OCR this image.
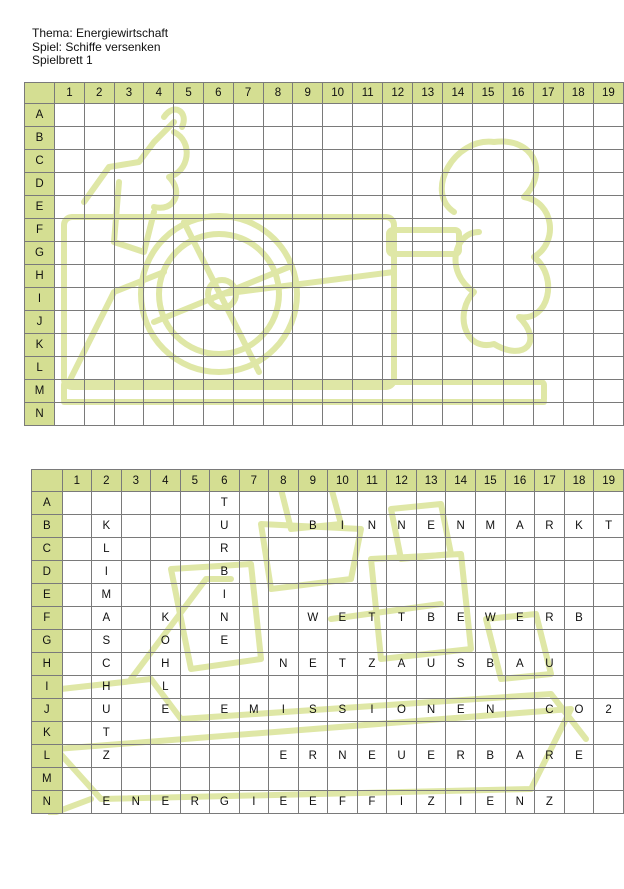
Thema: Energiewirtschaft
Spiel: Schiffe versenken
Spielbrett 1
	1	2	3	4	5	6	7	8	9	10	11	12	13	14	15	16	17	18	19
A																			
B																			
C																			
D																			
E																			
F																			
G																			
H																			
I																			
J																			
K																			
L																			
M																			
N																			
	1	2	3	4	5	6	7	8	9	10	11	12	13	14	15	16	17	18	19
A						T													
B		K				U			B	I	N	N	E	N	M	A	R	K	T
C		L				R													
D		I				B													
E		M				I													
F		A		K		N			W	E	T	T	B	E	W	E	R	B	
G		S		O		E													
H		C		H				N	E	T	Z	A	U	S	B	A	U		
I		H		L															
J		U		E		E	M	I	S	S	I	O	N	E	N		C	O	2
K		T																	
L		Z						E	R	N	E	U	E	R	B	A	R	E	
M																			
N		E	N	E	R	G	I	E	E	F	F	I	Z	I	E	N	Z		
